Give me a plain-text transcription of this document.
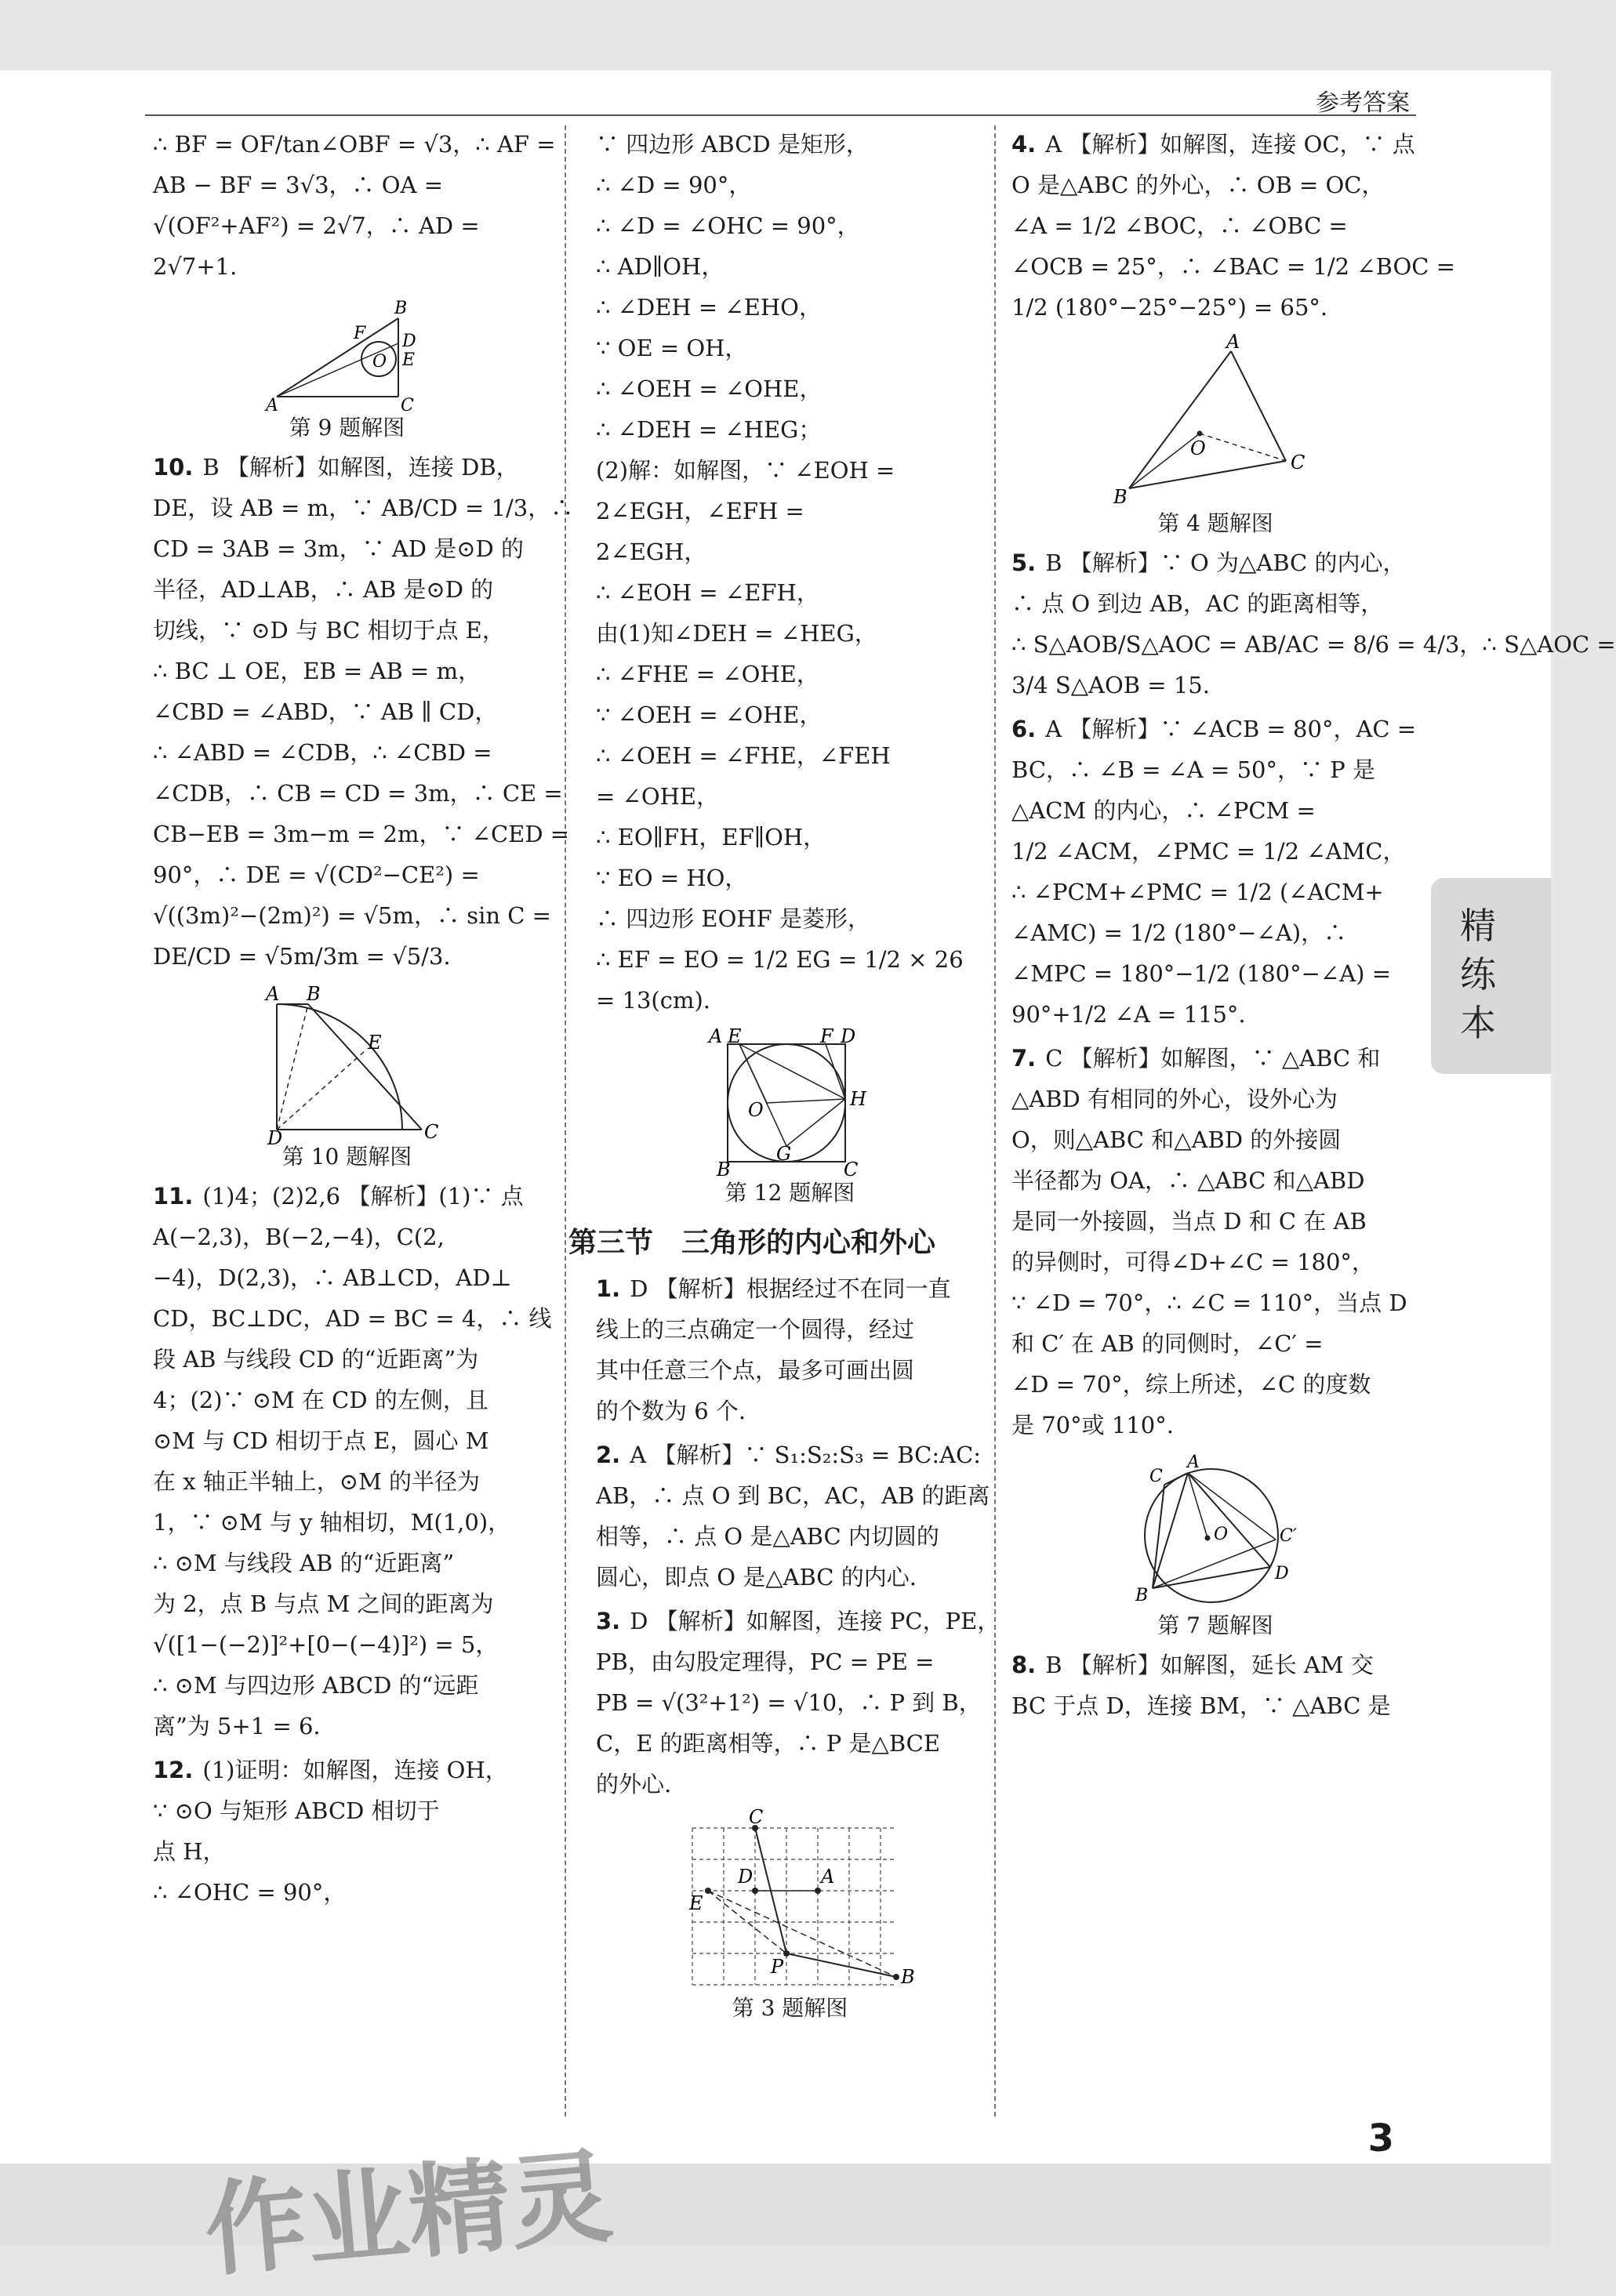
参考答案
∴ BF = OF/tan∠OBF = √3，∴ AF =
AB − BF = 3√3，∴ OA =
√(OF²+AF²) = 2√7，∴ AD =
2√7+1.
A
B
C
F D
O E
第 9 题解图
10. B 【解析】如解图，连接 DB，
DE，设 AB = m，∵ AB/CD = 1/3，∴
CD = 3AB = 3m，∵ AD 是⊙D 的
半径，AD⊥AB，∴ AB 是⊙D 的
切线，∵ ⊙D 与 BC 相切于点 E，
∴ BC ⊥ OE，EB = AB = m，
∠CBD = ∠ABD，∵ AB ∥ CD，
∴ ∠ABD = ∠CDB，∴ ∠CBD =
∠CDB，∴ CB = CD = 3m，∴ CE =
CB−EB = 3m−m = 2m，∵ ∠CED =
90°，∴ DE = √(CD²−CE²) =
√((3m)²−(2m)²) = √5m，∴ sin C =
DE/CD = √5m/3m = √5/3.
A B
E
D	C
第 10 题解图
11. (1)4；(2)2,6 【解析】(1)∵ 点
A(−2,3)，B(−2,−4)，C(2,
−4)，D(2,3)，∴ AB⊥CD，AD⊥
CD，BC⊥DC，AD = BC = 4，∴ 线
段 AB 与线段 CD 的“近距离”为
4；(2)∵ ⊙M 在 CD 的左侧，且
⊙M 与 CD 相切于点 E，圆心 M
在 x 轴正半轴上，⊙M 的半径为
1，∵ ⊙M 与 y 轴相切，M(1,0)，
∴ ⊙M 与线段 AB 的“近距离”
为 2，点 B 与点 M 之间的距离为
√([1−(−2)]²+[0−(−4)]²) = 5，
∴ ⊙M 与四边形 ABCD 的“远距
离”为 5+1 = 6.
12. (1)证明：如解图，连接 OH，
∵ ⊙O 与矩形 ABCD 相切于
点 H，
∴ ∠OHC = 90°，
∵ 四边形 ABCD 是矩形，
∴ ∠D = 90°，
∴ ∠D = ∠OHC = 90°，
∴ AD∥OH，
∴ ∠DEH = ∠EHO，
∵ OE = OH，
∴ ∠OEH = ∠OHE，
∴ ∠DEH = ∠HEG；
(2)解：如解图，∵ ∠EOH =
2∠EGH，∠EFH =
2∠EGH，
∴ ∠EOH = ∠EFH，
由(1)知∠DEH = ∠HEG，
∴ ∠FHE = ∠OHE，
∵ ∠OEH = ∠OHE，
∴ ∠OEH = ∠FHE，∠FEH
= ∠OHE，
∴ EO∥FH，EF∥OH，
∵ EO = HO，
∴ 四边形 EOHF 是菱形，
∴ EF = EO = 1/2 EG = 1/2 × 26
= 13(cm).
A E	F D
O	H
G
B	C
第 12 题解图
第三节　三角形的内心和外心
1. D 【解析】根据经过不在同一直
线上的三点确定一个圆得，经过
其中任意三个点，最多可画出圆
的个数为 6 个.
2. A 【解析】∵ S₁:S₂:S₃ = BC:AC:
AB，∴ 点 O 到 BC，AC，AB 的距离
相等，∴ 点 O 是△ABC 内切圆的
圆心，即点 O 是△ABC 的内心.
3. D 【解析】如解图，连接 PC，PE，
PB，由勾股定理得，PC = PE =
PB = √(3²+1²) = √10，∴ P 到 B，
C，E 的距离相等，∴ P 是△BCE
的外心.
C
D	A
E
P	B
第 3 题解图
4. A 【解析】如解图，连接 OC，∵ 点
O 是△ABC 的外心，∴ OB = OC，
∠A = 1/2 ∠BOC，∴ ∠OBC =
∠OCB = 25°，∴ ∠BAC = 1/2 ∠BOC =
1/2 (180°−25°−25°) = 65°.
A
O
C
B
第 4 题解图
5. B 【解析】∵ O 为△ABC 的内心，
∴ 点 O 到边 AB，AC 的距离相等，
∴ S△AOB/S△AOC = AB/AC = 8/6 = 4/3，∴ S△AOC =
3/4 S△AOB = 15.
6. A 【解析】∵ ∠ACB = 80°，AC =
BC，∴ ∠B = ∠A = 50°，∵ P 是
△ACM 的内心，∴ ∠PCM =
1/2 ∠ACM，∠PMC = 1/2 ∠AMC，
∴ ∠PCM+∠PMC = 1/2 (∠ACM+
∠AMC) = 1/2 (180°−∠A)，∴
∠MPC = 180°−1/2 (180°−∠A) =
90°+1/2 ∠A = 115°.
7. C 【解析】如解图，∵ △ABC 和
△ABD 有相同的外心，设外心为
O，则△ABC 和△ABD 的外接圆
半径都为 OA，∴ △ABC 和△ABD
是同一外接圆，当点 D 和 C 在 AB
的异侧时，可得∠D+∠C = 180°，
∵ ∠D = 70°，∴ ∠C = 110°，当点 D
和 C′ 在 AB 的同侧时，∠C′ =
∠D = 70°，综上所述，∠C 的度数
是 70°或 110°.
C
A
O	C′
B
D
第 7 题解图
8. B 【解析】如解图，延长 AM 交
BC 于点 D，连接 BM，∵ △ABC 是
精练本
3
作业精灵
